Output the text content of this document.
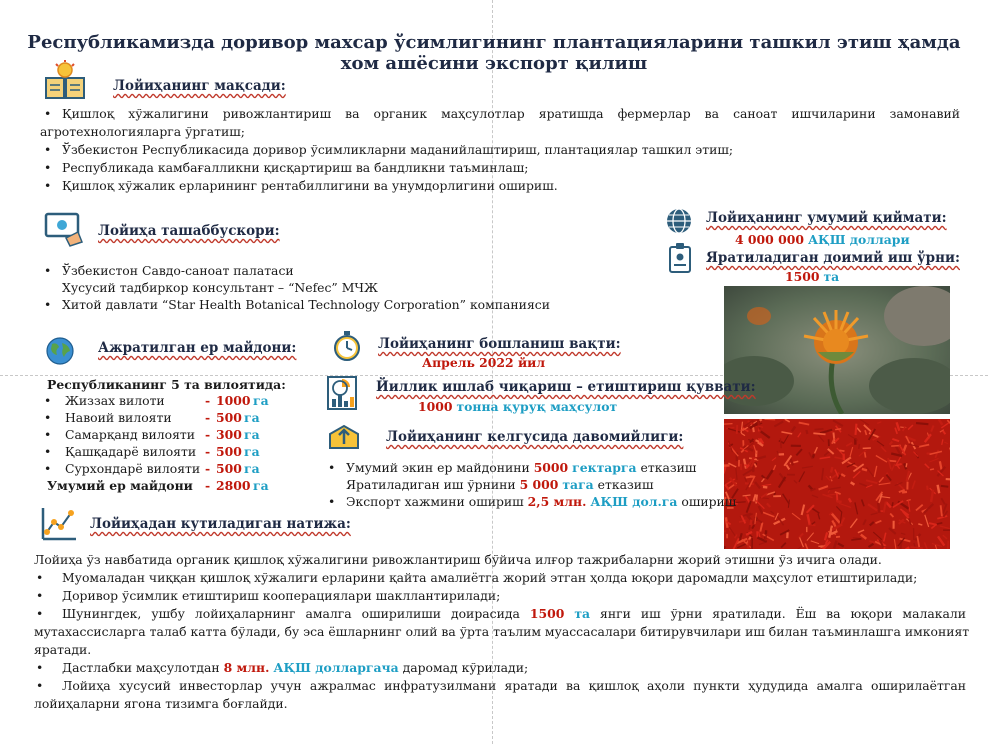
Республикамизда доривор махсар ўсимлигининг плантацияларини ташкил этиш ҳамда
хом ашёсини экспорт қилиш
Лойиҳанинг мақсади:
• Қишлоқ хўжалигини ривожлантириш ва органик маҳсулотлар яратишда фермерлар ва саноат ишчиларини замонавий
агротехнологияларга ўргатиш;
• Ўзбекистон Республикасида доривор ўсимликларни маданийлаштириш, плантациялар ташкил этиш;
• Республикада камбағалликни қисқартириш ва бандликни таъминлаш;
• Қишлоқ хўжалик ерларининг рентабиллигини ва унумдорлигини ошириш.
Лойиҳа ташаббускори:
• Ўзбекистон Савдо-саноат палатаси
Хусусий тадбиркор консультант – “Nefec” МЧЖ
• Хитой давлати “Star Health Botanical Technology Corporation” компанияси
Лойиҳанинг умумий қиймати:
4 000 000 АҚШ доллари
Яратиладиган доимий иш ўрни:
1500 та
Ажратилган ер майдони:
Республиканинг 5 та вилоятида:
• Жиззах вилоти	- 1000 га
• Навоий вилояти	- 500 га
• Самарқанд вилояти - 300 га
• Қашқадарё вилояти - 500 га
• Сурхондарё вилояти - 500 га
Умумий ер майдони - 2800 га
Лойиҳанинг бошланиш вақти:
Апрель 2022 йил
Йиллик ишлаб чиқариш – етиштириш қуввати:
1000 тонна қуруқ маҳсулот
Лойиҳанинг келгусида давомийлиги:
• Умумий экин ер майдонини 5000 гектарга етказиш
Яратиладиган иш ўрнини 5 000 тага етказиш
• Экспорт хажмини ошириш 2,5 млн. АҚШ дол.га ошириш
Лойиҳадан кутиладиган натижа:
Лойиҳа ўз навбатида органик қишлоқ хўжалигини ривожлантириш бўйича илғор тажрибаларни жорий этишни ўз ичига олади.
• Муомаладан чиққан қишлоқ хўжалиги ерларини қайта амалиётга жорий этган ҳолда юқори даромадли маҳсулот етиштирилади;
• Доривор ўсимлик етиштириш кооперациялари шакллантирилади;
• Шунингдек, ушбу лойиҳаларнинг амалга оширилиши доирасида 1500 та янги иш ўрни яратилади. Ёш ва юқори малакали
мутахассисларга талаб катта бўлади, бу эса ёшларнинг олий ва ўрта таълим муассасалари битирувчилари иш билан таъминлашга имконият
яратади.
• Дастлабки маҳсулотдан 8 млн. АҚШ долларгача даромад кўрилади;
• Лойиҳа хусусий инвесторлар учун ажралмас инфратузилмани яратади ва қишлоқ аҳоли пункти ҳудудида амалга оширилаётган
лойиҳаларни ягона тизимга боғлайди.
